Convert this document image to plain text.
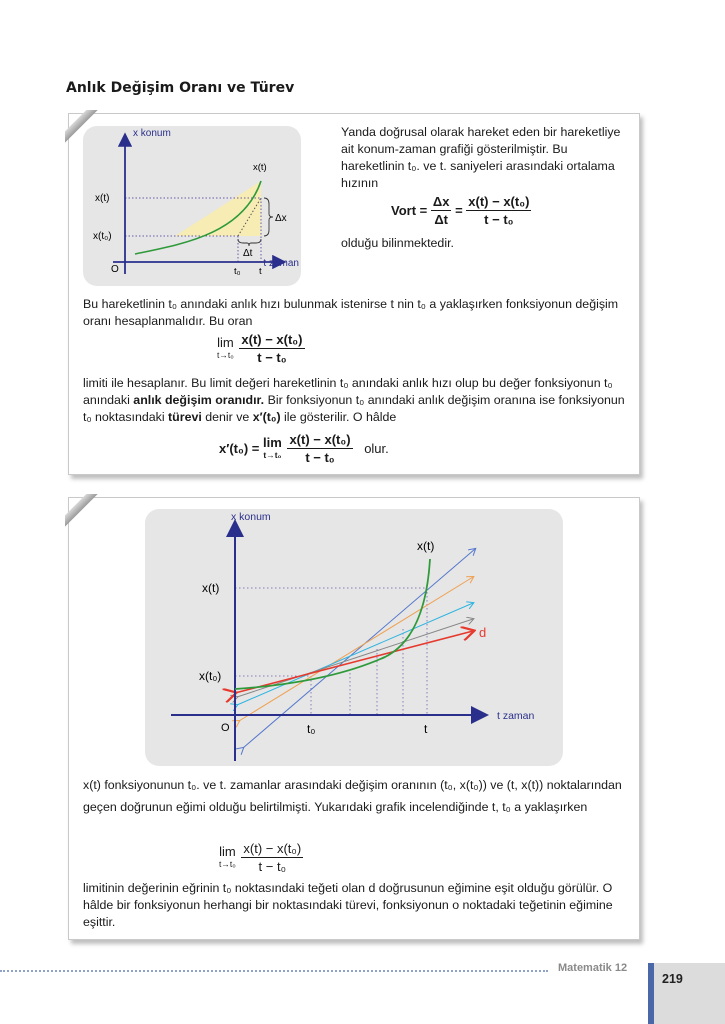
Anlık Değişim Oranı ve Türev
x konum
t zaman
x(t)
x(t)
x(t₀)
t₀ t
O
Δx
Δt
Yanda doğrusal olarak hareket eden bir hareketliye ait konum-zaman grafiği gösterilmiştir. Bu hareketlinin t₀. ve t. saniyeleri arasındaki ortalama hızının
Vort = $\frac{\Delta x}{\Delta t} = \frac{\text{x(t) − x(t₀)}}{\text{t − t₀}}$
olduğu bilinmektedir.
Bu hareketlinin t₀ anındaki anlık hızı bulunmak istenirse t nin t₀ a yaklaşırken fonksiyonun değişim oranı hesaplanmalıdır. Bu oran
lim
t→t₀
$\frac{\text{x(t) − x(t₀)}}{\text{t − t₀}}$
limiti ile hesaplanır. Bu limit değeri hareketlinin t₀ anındaki anlık hızı olup bu değer fonksiyonun t₀ anındaki anlık değişim oranıdır. Bir fonksiyonun t₀ anındaki anlık değişim oranına ise fonksiyonun t₀ noktasındaki türevi denir ve x′(t₀) ile gösterilir. O hâlde
x′(t₀) = lim
t→t₀
$\frac{\text{x(t) − x(t₀)}}{\text{t − t₀}}$ olur.
x konum
t zaman
x(t)
x(t)
x(t₀)
t₀	t
O
d
x(t) fonksiyonunun t₀. ve t. zamanlar arasındaki değişim oranının (t₀, x(t₀)) ve (t, x(t)) noktalarından geçen doğrunun eğimi olduğu belirtilmişti. Yukarıdaki grafik incelendiğinde t, t₀ a yaklaşırken
lim
t→t₀
$\frac{\text{x(t) − x(t₀)}}{\text{t − t₀}}$
limitinin değerinin eğrinin t₀ noktasındaki teğeti olan d doğrusunun eğimine eşit olduğu görülür. O hâlde bir fonksiyonun herhangi bir noktasındaki türevi, fonksiyonun o noktadaki teğetinin eğimine eşittir.
Matematik 12
219
